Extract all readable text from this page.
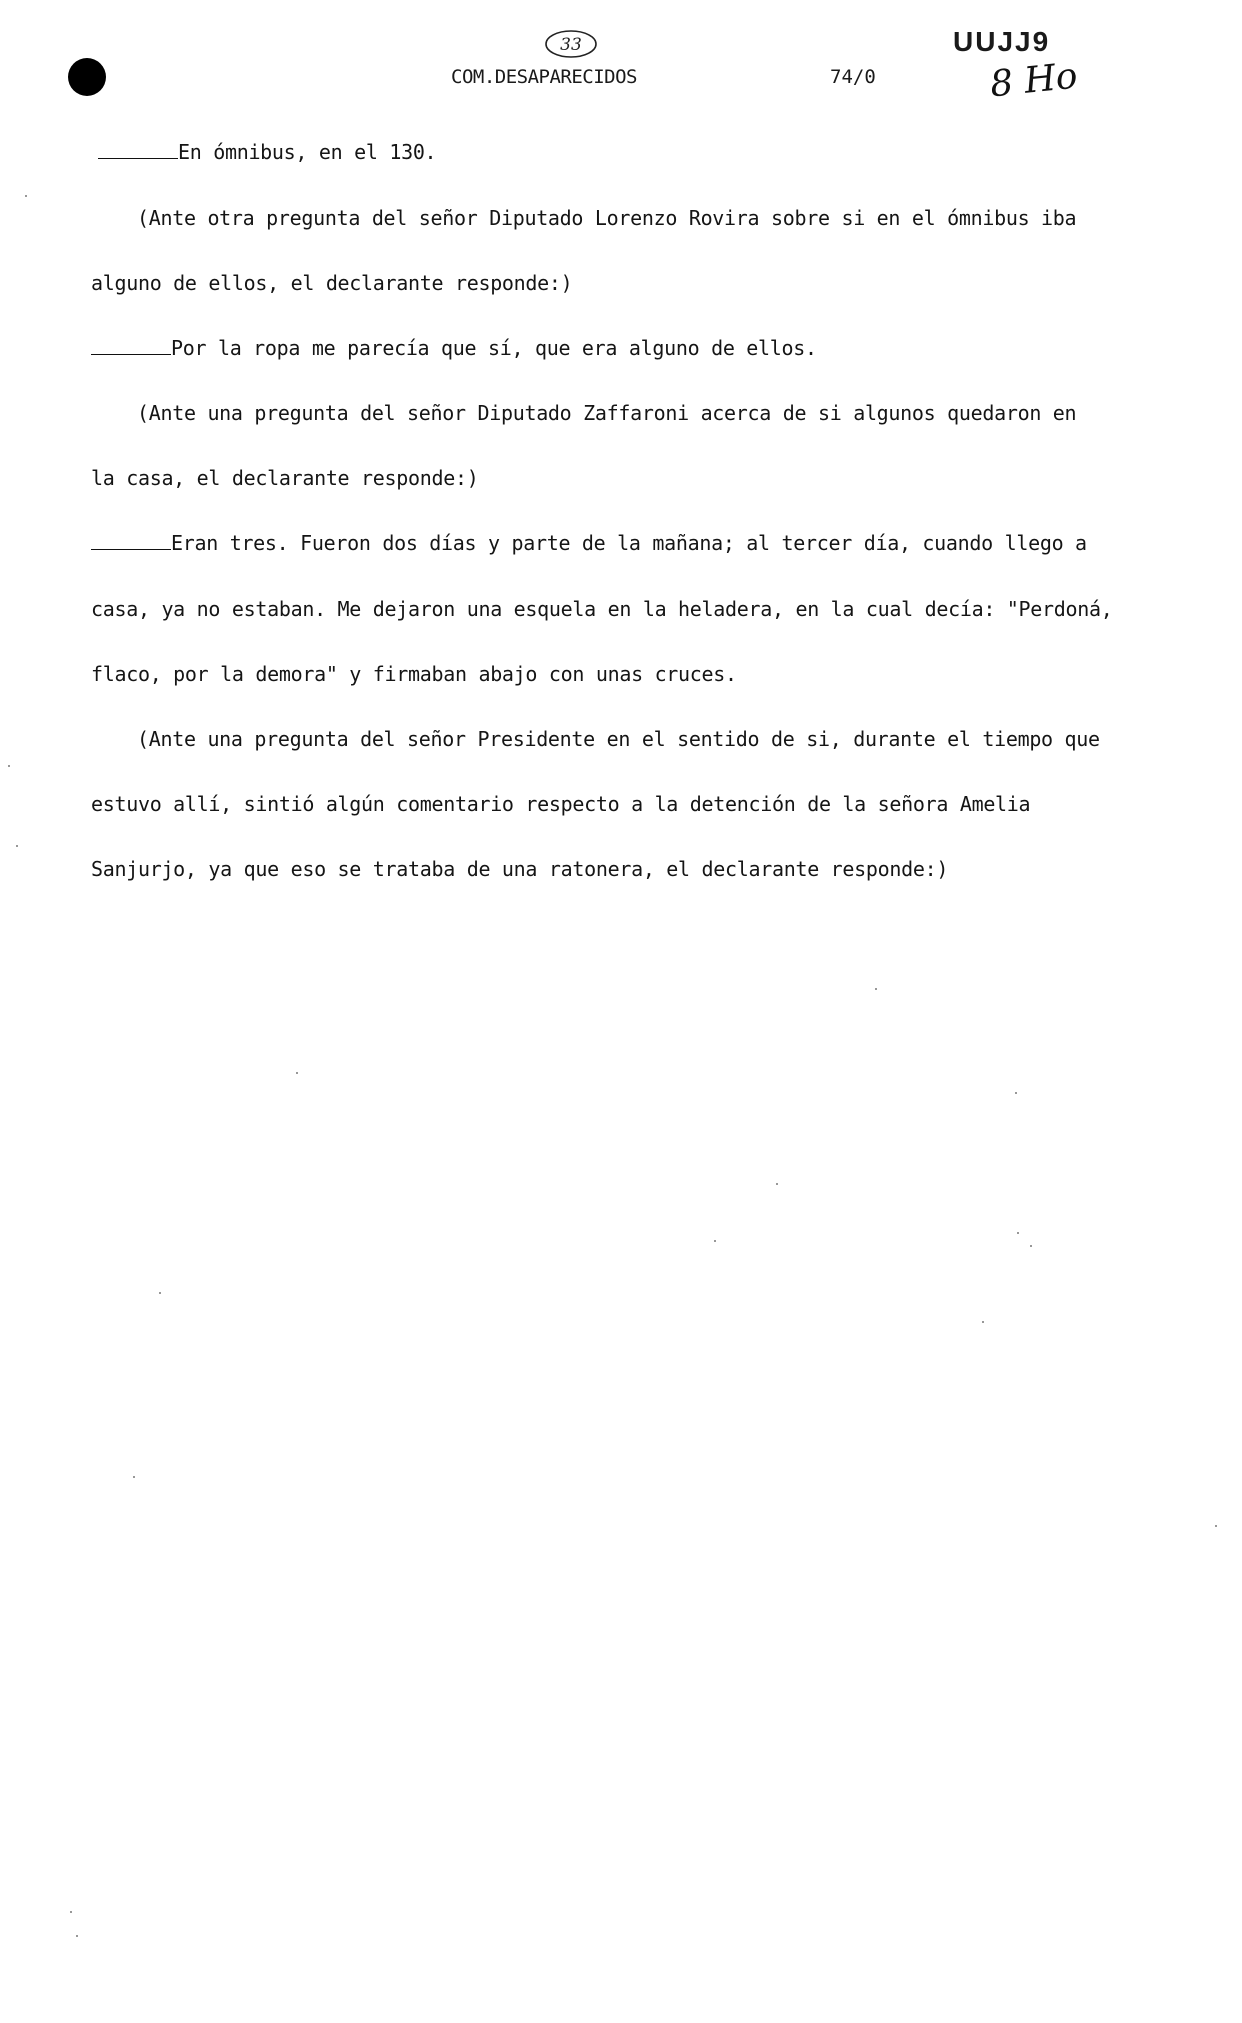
33
COM.DESAPARECIDOS	74/0
UUJJ9
8 Ho
En ómnibus, en el 130.
(Ante otra pregunta del señor Diputado Lorenzo Rovira sobre si en el ómnibus iba
alguno de ellos, el declarante responde:)
Por la ropa me parecía que sí, que era alguno de ellos.
(Ante una pregunta del señor Diputado Zaffaroni acerca de si algunos quedaron en
la casa, el declarante responde:)
Eran tres. Fueron dos días y parte de la mañana; al tercer día, cuando llego a
casa, ya no estaban. Me dejaron una esquela en la heladera, en la cual decía: "Perdoná,
flaco, por la demora" y firmaban abajo con unas cruces.
(Ante una pregunta del señor Presidente en el sentido de si, durante el tiempo que
estuvo allí, sintió algún comentario respecto a la detención de la señora Amelia
Sanjurjo, ya que eso se trataba de una ratonera, el declarante responde:)
